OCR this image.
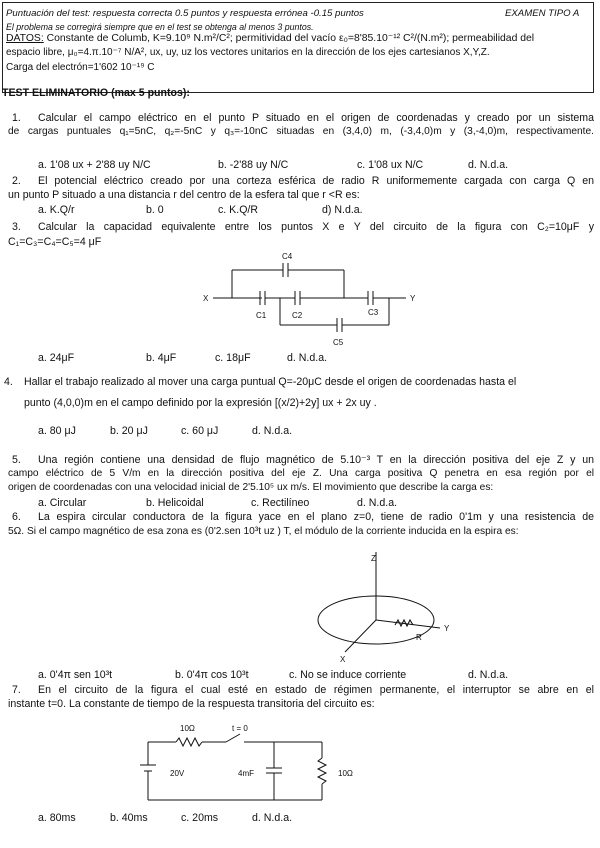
Puntuación del test: respuesta correcta 0.5 puntos y respuesta errónea -0.15 puntos	EXAMEN TIPO A
El problema se corregirá siempre que en el test se obtenga al menos 3 puntos.
DATOS: Constante de Columb, K=9.10⁹ N.m²/C²; permitividad del vacío ε₀=8'85.10⁻¹² C²/(N.m²); permeabilidad del
espacio libre, μ₀=4.π.10⁻⁷ N/A², ux, uy, uz los vectores unitarios en la dirección de los ejes cartesianos X,Y,Z.
Carga del electrón=1'602 10⁻¹⁹ C
TEST ELIMINATORIO (max 5 puntos):
1. Calcular el campo eléctrico en el punto P situado en el origen de coordenadas y creado por un sistema
de cargas puntuales q₁=5nC, q₂=-5nC y q₃=-10nC situadas en (3,4,0) m, (-3,4,0)m y (3,-4,0)m, respectivamente.
a. 1'08 ux + 2'88 uy N/C	b. -2'88 uy N/C	c. 1'08 ux N/C	d. N.d.a.
2. El potencial eléctrico creado por una corteza esférica de radio R uniformemente cargada con carga Q en
un punto P situado a una distancia r del centro de la esfera tal que r <R es:
a. K.Q/r	b. 0	c. K.Q/R	d) N.d.a.
3. Calcular la capacidad equivalente entre los puntos X e Y del circuito de la figura con C₂=10μF y
C₁=C₃=C₄=C₅=4 μF
X	Y
C4
C1	C2	C3
C5
a. 24μF	b. 4μF	c. 18μF	d. N.d.a.
4. Hallar el trabajo realizado al mover una carga puntual Q=-20μC desde el origen de coordenadas hasta el
punto (4,0,0)m en el campo definido por la expresión [(x/2)+2y] ux + 2x uy .
a. 80 μJ	b. 20 μJ	c. 60 μJ	d. N.d.a.
5. Una región contiene una densidad de flujo magnético de 5.10⁻³ T en la dirección positiva del eje Z y un
campo eléctrico de 5 V/m en la dirección positiva del eje Z. Una carga positiva Q penetra en esa región por el
origen de coordenadas con una velocidad inicial de 2'5.10⁵ ux m/s. El movimiento que describe la carga es:
a. Circular	b. Helicoidal	c. Rectilíneo	d. N.d.a.
6. La espira circular conductora de la figura yace en el plano z=0, tiene de radio 0'1m y una resistencia de
5Ω. Si el campo magnético de esa zona es (0'2.sen 10³t uz ) T, el módulo de la corriente inducida en la espira es:
Z
Y
X
R
a. 0'4π sen 10³t	b. 0'4π cos 10³t	c. No se induce corriente	d. N.d.a.
7. En el circuito de la figura el cual esté en estado de régimen permanente, el interruptor se abre en el
instante t=0. La constante de tiempo de la respuesta transitoria del circuito es:
10Ω	t = 0
20V	4mF	10Ω
a. 80ms	b. 40ms	c. 20ms	d. N.d.a.
